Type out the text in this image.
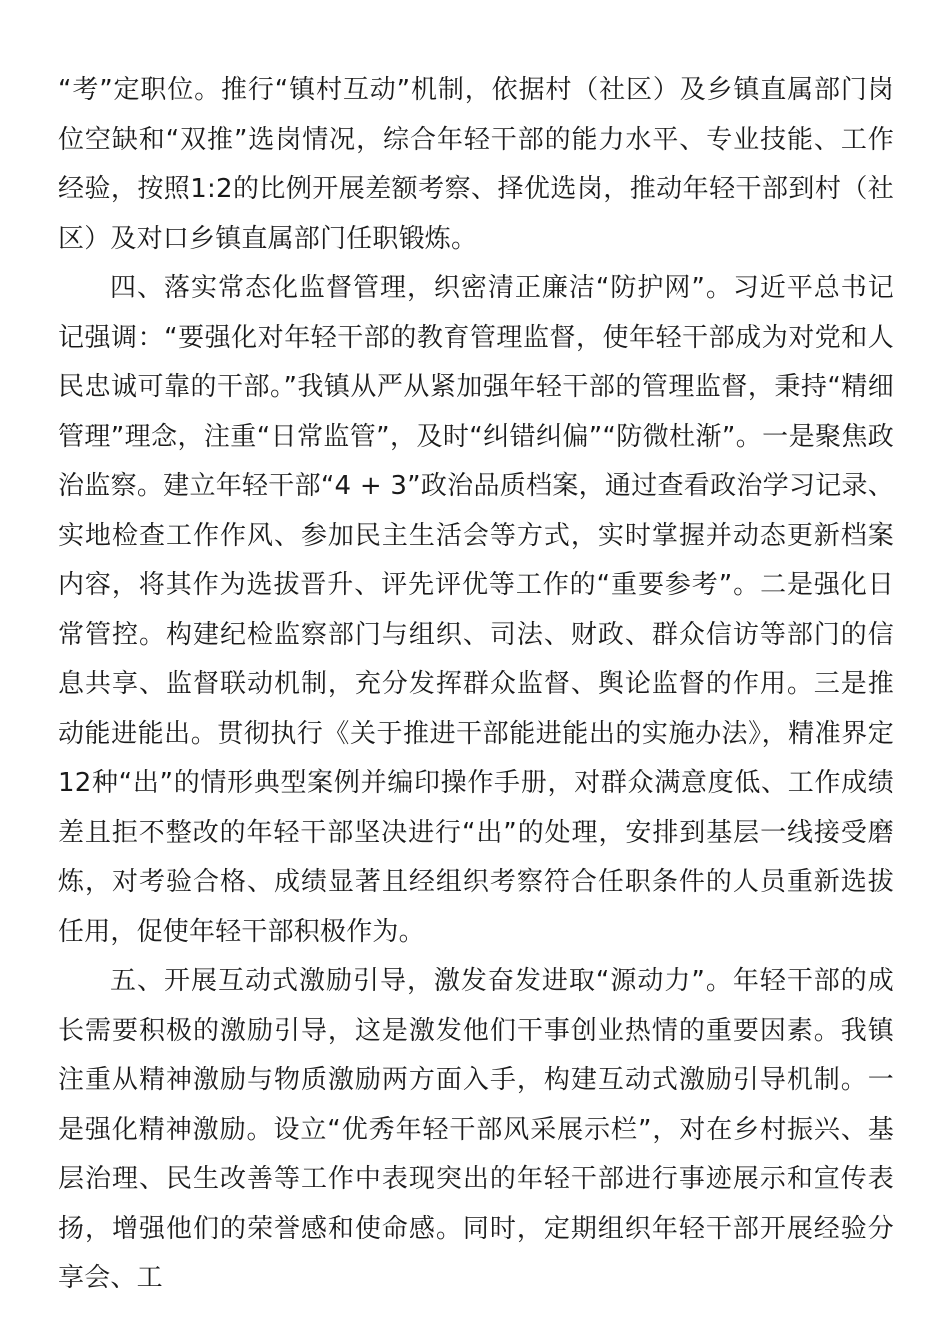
“考”定职位。推行“镇村互动”机制，依据村（社区）及乡镇直属部门岗位空缺和“双推”选岗情况，综合年轻干部的能力水平、专业技能、工作经验，按照1:2的比例开展差额考察、择优选岗，推动年轻干部到村（社区）及对口乡镇直属部门任职锻炼。

四、落实常态化监督管理，织密清正廉洁“防护网”。习近平总书记记强调：“要强化对年轻干部的教育管理监督，使年轻干部成为对党和人民忠诚可靠的干部。”我镇从严从紧加强年轻干部的管理监督，秉持“精细管理”理念，注重“日常监管”，及时“纠错纠偏”“防微杜渐”。一是聚焦政治监察。建立年轻干部“4 + 3”政治品质档案，通过查看政治学习记录、实地检查工作作风、参加民主生活会等方式，实时掌握并动态更新档案内容，将其作为选拔晋升、评先评优等工作的“重要参考”。二是强化日常管控。构建纪检监察部门与组织、司法、财政、群众信访等部门的信息共享、监督联动机制，充分发挥群众监督、舆论监督的作用。三是推动能进能出。贯彻执行《关于推进干部能进能出的实施办法》，精准界定12种“出”的情形典型案例并编印操作手册，对群众满意度低、工作成绩差且拒不整改的年轻干部坚决进行“出”的处理，安排到基层一线接受磨炼，对考验合格、成绩显著且经组织考察符合任职条件的人员重新选拔任用，促使年轻干部积极作为。

五、开展互动式激励引导，激发奋发进取“源动力”。年轻干部的成长需要积极的激励引导，这是激发他们干事创业热情的重要因素。我镇注重从精神激励与物质激励两方面入手，构建互动式激励引导机制。一是强化精神激励。设立“优秀年轻干部风采展示栏”，对在乡村振兴、基层治理、民生改善等工作中表现突出的年轻干部进行事迹展示和宣传表扬，增强他们的荣誉感和使命感。同时，定期组织年轻干部开展经验分享会、工
